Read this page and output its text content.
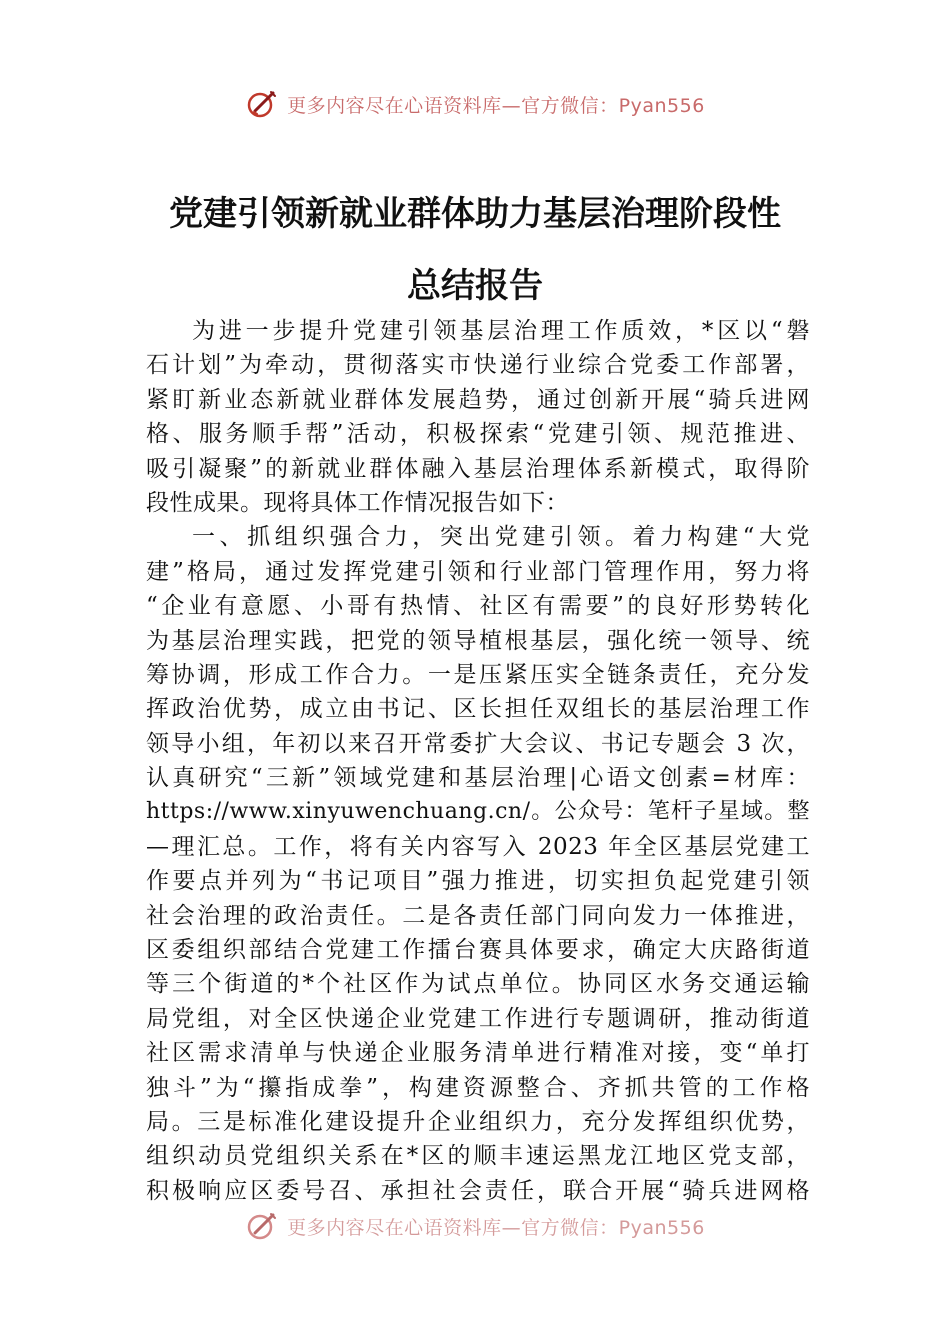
更多内容尽在心语资料库—官方微信：Pyan556
党建引领新就业群体助力基层治理阶段性
总结报告
为进一步提升党建引领基层治理工作质效，*区以“磐
石计划”为牵动，贯彻落实市快递行业综合党委工作部署，
紧盯新业态新就业群体发展趋势，通过创新开展“骑兵进网
格、服务顺手帮”活动，积极探索“党建引领、规范推进、
吸引凝聚”的新就业群体融入基层治理体系新模式，取得阶
段性成果。现将具体工作情况报告如下：
一、抓组织强合力，突出党建引领。着力构建“大党
建”格局，通过发挥党建引领和行业部门管理作用，努力将
“企业有意愿、小哥有热情、社区有需要”的良好形势转化
为基层治理实践，把党的领导植根基层，强化统一领导、统
筹协调，形成工作合力。一是压紧压实全链条责任，充分发
挥政治优势，成立由书记、区长担任双组长的基层治理工作
领导小组，年初以来召开常委扩大会议、书记专题会 3 次，
认真研究“三新”领域党建和基层治理|心语文创素=材库：
https://www.xinyuwenchuang.cn/。公众号：笔杆子星域。整
—理汇总。工作，将有关内容写入 2023 年全区基层党建工
作要点并列为“书记项目”强力推进，切实担负起党建引领
社会治理的政治责任。二是各责任部门同向发力一体推进，
区委组织部结合党建工作擂台赛具体要求，确定大庆路街道
等三个街道的*个社区作为试点单位。协同区水务交通运输
局党组，对全区快递企业党建工作进行专题调研，推动街道
社区需求清单与快递企业服务清单进行精准对接，变“单打
独斗”为“攥指成拳”，构建资源整合、齐抓共管的工作格
局。三是标准化建设提升企业组织力，充分发挥组织优势，
组织动员党组织关系在*区的顺丰速运黑龙江地区党支部，
积极响应区委号召、承担社会责任，联合开展“骑兵进网格
更多内容尽在心语资料库—官方微信：Pyan556
